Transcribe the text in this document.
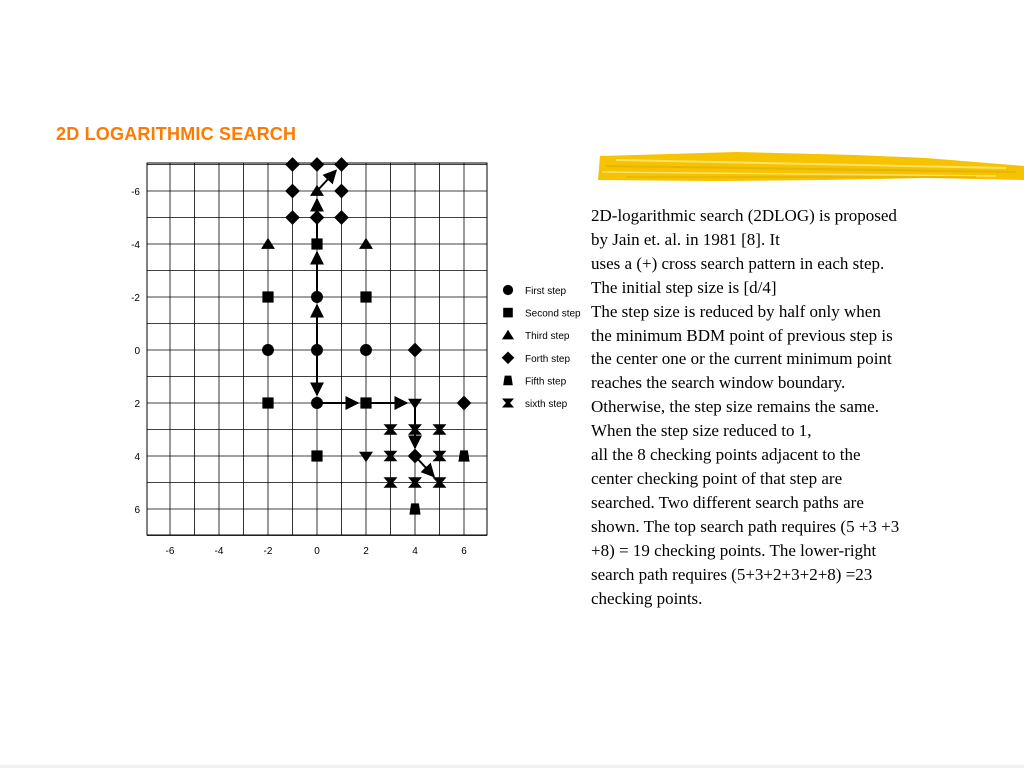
2D LOGARITHMIC SEARCH
-6	-4	-2	0	2	4	6
-6
-4
-2
0
2
4
6
First step
Second step
Third step
Forth step
Fifth step
sixth step
2D-logarithmic search (2DLOG) is proposed
by Jain et. al. in 1981 [8]. It
uses a (+) cross search pattern in each step.
The initial step size is [d/4]
The step size is reduced by half only when
the minimum BDM point of previous step is
the center one or the current minimum point
reaches the search window boundary.
Otherwise, the step size remains the same.
When the step size reduced to 1,
all the 8 checking points adjacent to the
center checking point of that step are
searched. Two different search paths are
shown. The top search path requires (5 +3 +3
+8) = 19 checking points. The lower-right
search path requires (5+3+2+3+2+8) =23
checking points.
